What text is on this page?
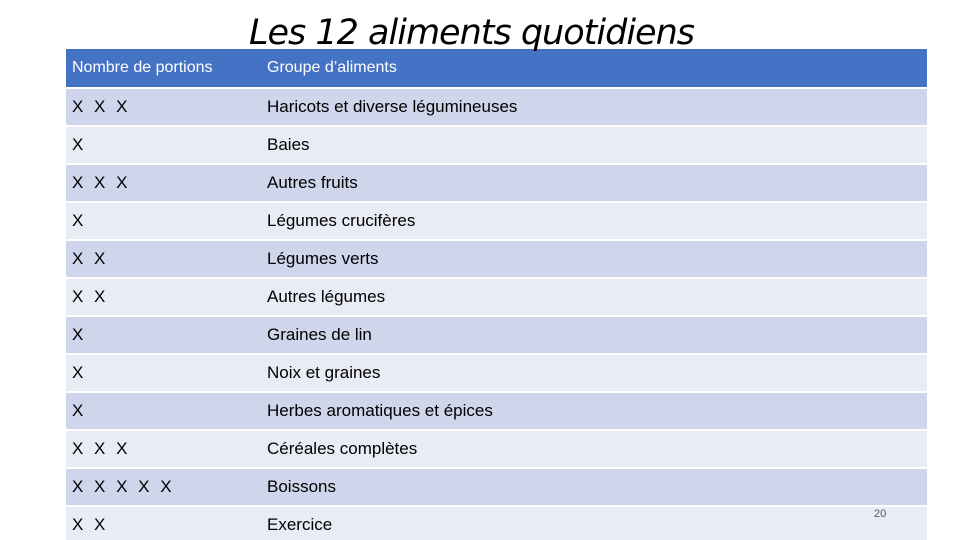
Les 12 aliments quotidiens
Nombre de portions	Groupe d’aliments
X X X	Haricots et diverse légumineuses
X	Baies
X X X	Autres fruits
X	Légumes crucifères
X X	Légumes verts
X X	Autres légumes
X	Graines de lin
X	Noix et graines
X	Herbes aromatiques et épices
X X X	Céréales complètes
X X X X X	Boissons
X X	Exercice
20
